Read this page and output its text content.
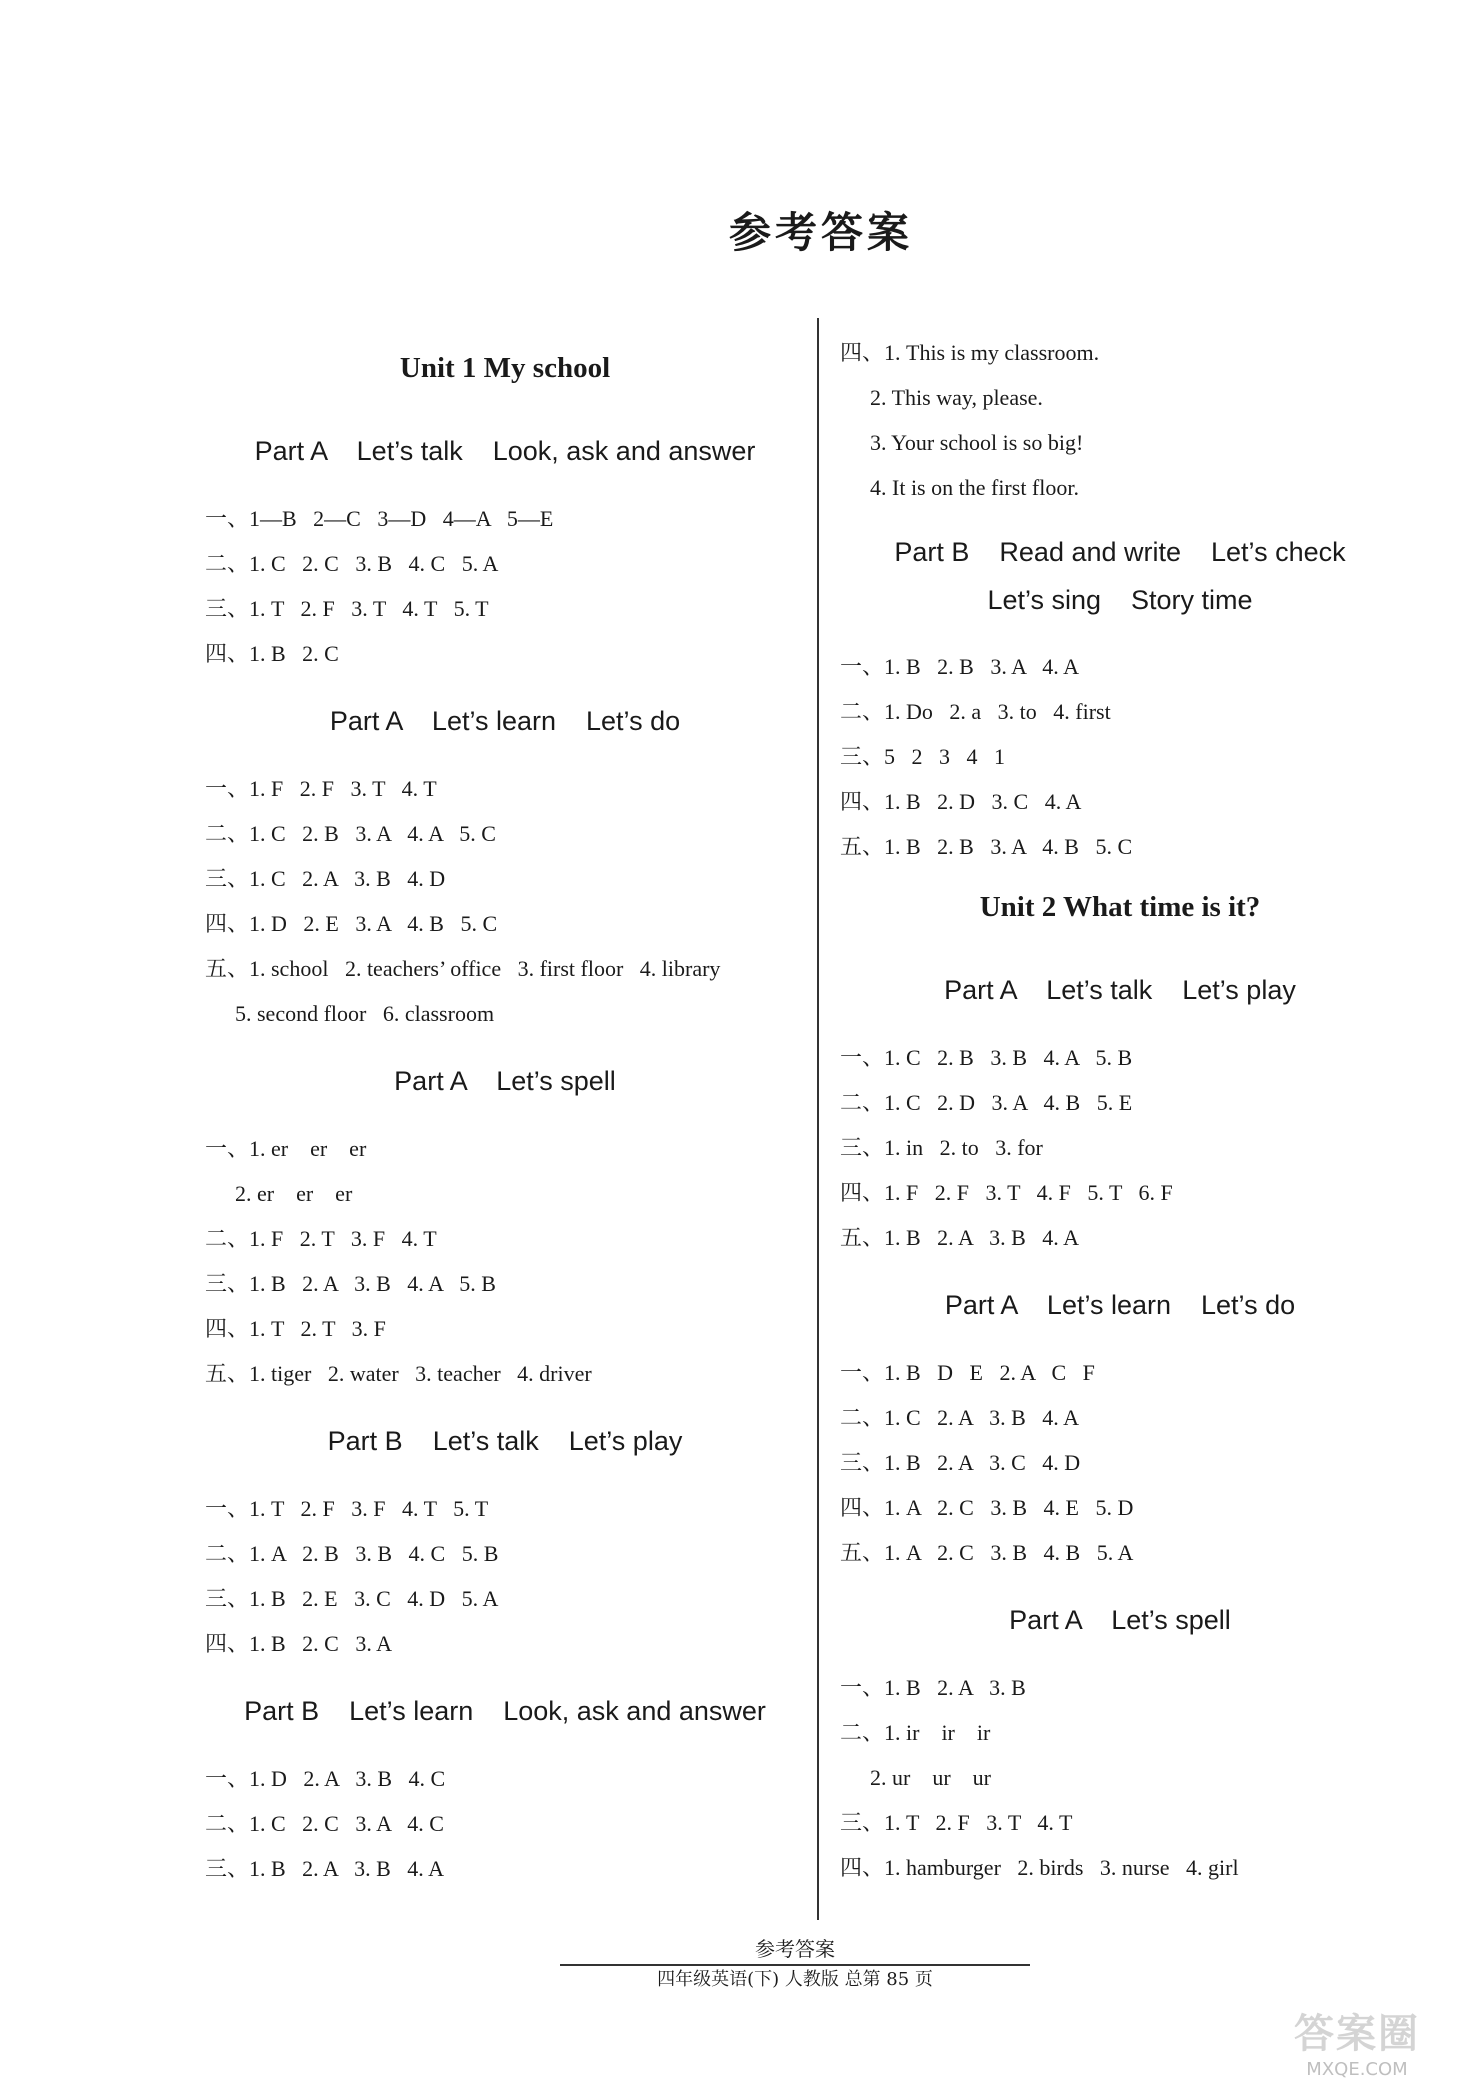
参考答案
Unit 1 My school
Part A    Let’s talk    Look, ask and answer
一、1—B   2—C   3—D   4—A   5—E
二、1. C   2. C   3. B   4. C   5. A
三、1. T   2. F   3. T   4. T   5. T
四、1. B   2. C
Part A    Let’s learn    Let’s do
一、1. F   2. F   3. T   4. T
二、1. C   2. B   3. A   4. A   5. C
三、1. C   2. A   3. B   4. D
四、1. D   2. E   3. A   4. B   5. C
五、1. school   2. teachers’ office   3. first floor   4. library
5. second floor   6. classroom
Part A    Let’s spell
一、1. er    er    er
2. er    er    er
二、1. F   2. T   3. F   4. T
三、1. B   2. A   3. B   4. A   5. B
四、1. T   2. T   3. F
五、1. tiger   2. water   3. teacher   4. driver
Part B    Let’s talk    Let’s play
一、1. T   2. F   3. F   4. T   5. T
二、1. A   2. B   3. B   4. C   5. B
三、1. B   2. E   3. C   4. D   5. A
四、1. B   2. C   3. A
Part B    Let’s learn    Look, ask and answer
一、1. D   2. A   3. B   4. C
二、1. C   2. C   3. A   4. C
三、1. B   2. A   3. B   4. A
四、1. This is my classroom.
2. This way, please.
3. Your school is so big!
4. It is on the first floor.
Part B    Read and write    Let’s check
Let’s sing    Story time
一、1. B   2. B   3. A   4. A
二、1. Do   2. a   3. to   4. first
三、5   2   3   4   1
四、1. B   2. D   3. C   4. A
五、1. B   2. B   3. A   4. B   5. C
Unit 2 What time is it?
Part A    Let’s talk    Let’s play
一、1. C   2. B   3. B   4. A   5. B
二、1. C   2. D   3. A   4. B   5. E
三、1. in   2. to   3. for
四、1. F   2. F   3. T   4. F   5. T   6. F
五、1. B   2. A   3. B   4. A
Part A    Let’s learn    Let’s do
一、1. B   D   E   2. A   C   F
二、1. C   2. A   3. B   4. A
三、1. B   2. A   3. C   4. D
四、1. A   2. C   3. B   4. E   5. D
五、1. A   2. C   3. B   4. B   5. A
Part A    Let’s spell
一、1. B   2. A   3. B
二、1. ir    ir    ir
2. ur    ur    ur
三、1. T   2. F   3. T   4. T
四、1. hamburger   2. birds   3. nurse   4. girl
参考答案
四年级英语(下) 人教版 总第 85 页
答案圈
MXQE.COM
